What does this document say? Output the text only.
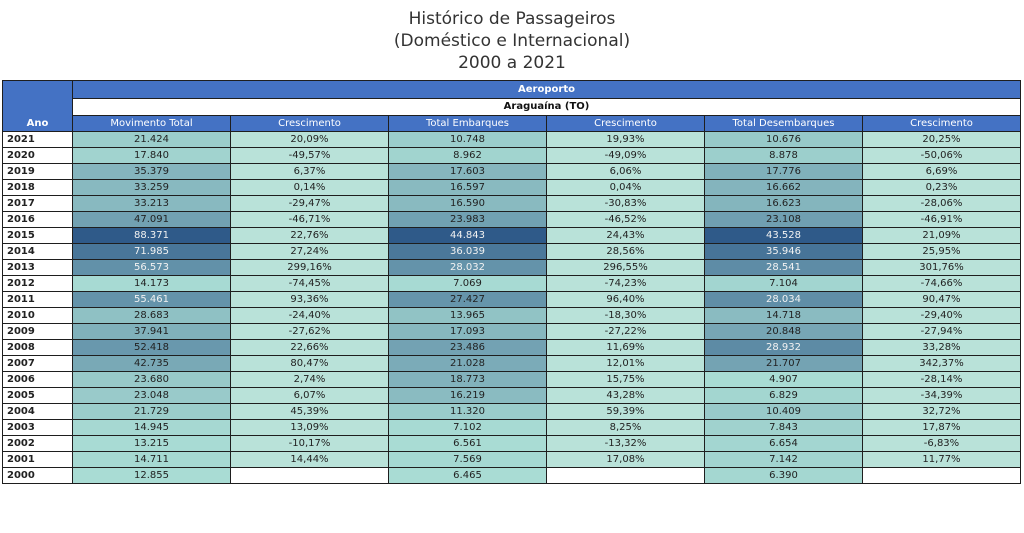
Histórico de Passageiros
(Doméstico e Internacional)
2000 a 2021
Ano	Aeroporto					
	Araguaína (TO)					
	Movimento Total	Crescimento	Total Embarques	Crescimento	Total Desembarques	Crescimento
2021	21.424	20,09%	10.748	19,93%	10.676	20,25%
2020	17.840	-49,57%	8.962	-49,09%	8.878	-50,06%
2019	35.379	6,37%	17.603	6,06%	17.776	6,69%
2018	33.259	0,14%	16.597	0,04%	16.662	0,23%
2017	33.213	-29,47%	16.590	-30,83%	16.623	-28,06%
2016	47.091	-46,71%	23.983	-46,52%	23.108	-46,91%
2015	88.371	22,76%	44.843	24,43%	43.528	21,09%
2014	71.985	27,24%	36.039	28,56%	35.946	25,95%
2013	56.573	299,16%	28.032	296,55%	28.541	301,76%
2012	14.173	-74,45%	7.069	-74,23%	7.104	-74,66%
2011	55.461	93,36%	27.427	96,40%	28.034	90,47%
2010	28.683	-24,40%	13.965	-18,30%	14.718	-29,40%
2009	37.941	-27,62%	17.093	-27,22%	20.848	-27,94%
2008	52.418	22,66%	23.486	11,69%	28.932	33,28%
2007	42.735	80,47%	21.028	12,01%	21.707	342,37%
2006	23.680	2,74%	18.773	15,75%	4.907	-28,14%
2005	23.048	6,07%	16.219	43,28%	6.829	-34,39%
2004	21.729	45,39%	11.320	59,39%	10.409	32,72%
2003	14.945	13,09%	7.102	8,25%	7.843	17,87%
2002	13.215	-10,17%	6.561	-13,32%	6.654	-6,83%
2001	14.711	14,44%	7.569	17,08%	7.142	11,77%
2000	12.855		6.465		6.390	
